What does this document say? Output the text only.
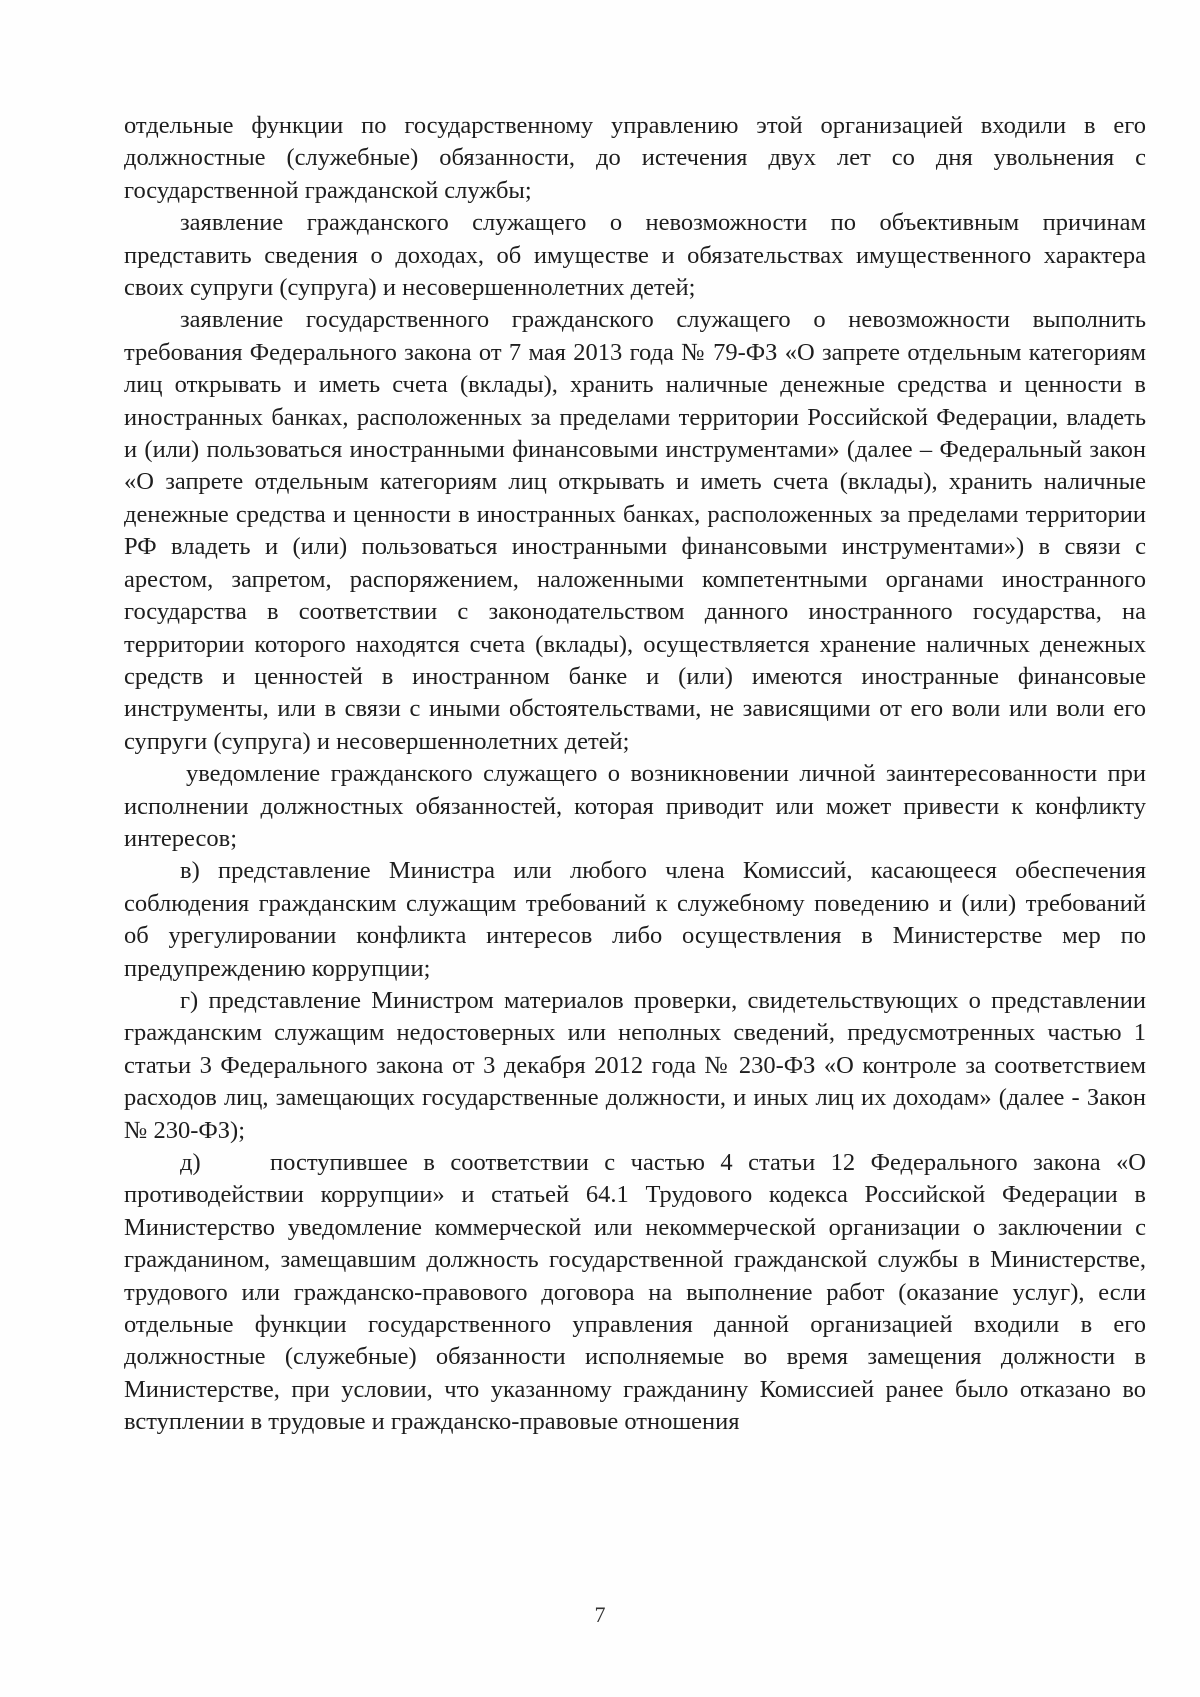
отдельные функции по государственному управлению этой организацией входили в его должностные (служебные) обязанности, до истечения двух лет со дня увольнения с государственной гражданской службы;

заявление гражданского служащего о невозможности по объективным причинам представить сведения о доходах, об имуществе и обязательствах имущественного характера своих супруги (супруга) и несовершеннолетних детей;

заявление государственного гражданского служащего о невозможности выполнить требования Федерального закона от 7 мая 2013 года № 79-ФЗ «О запрете отдельным категориям лиц открывать и иметь счета (вклады), хранить наличные денежные средства и ценности в иностранных банках, расположенных за пределами территории Российской Федерации, владеть и (или) пользоваться иностранными финансовыми инструментами» (далее – Федеральный закон «О запрете отдельным категориям лиц открывать и иметь счета (вклады), хранить наличные денежные средства и ценности в иностранных банках, расположенных за пределами территории РФ владеть и (или) пользоваться иностранными финансовыми инструментами») в связи с арестом, запретом, распоряжением, наложенными компетентными органами иностранного государства в соответствии с законодательством данного иностранного государства, на территории которого находятся счета (вклады), осуществляется хранение наличных денежных средств и ценностей в иностранном банке и (или) имеются иностранные финансовые инструменты, или в связи с иными обстоятельствами, не зависящими от его воли или воли его супруги (супруга) и несовершеннолетних детей;

уведомление гражданского служащего о возникновении личной заинтересованности при исполнении должностных обязанностей, которая приводит или может привести к конфликту интересов;

в) представление Министра или любого члена Комиссий, касающееся обеспечения соблюдения гражданским служащим требований к служебному поведению и (или) требований об урегулировании конфликта интересов либо осуществления в Министерстве мер по предупреждению коррупции;

г) представление Министром материалов проверки, свидетельствующих о представлении гражданским служащим недостоверных или неполных сведений, предусмотренных частью 1 статьи 3 Федерального закона от 3 декабря 2012 года № 230-ФЗ «О контроле за соответствием расходов лиц, замещающих государственные должности, и иных лиц их доходам» (далее - Закон № 230-ФЗ);

д)	поступившее в соответствии с частью 4 статьи 12 Федерального закона «О противодействии коррупции» и статьей 64.1 Трудового кодекса Российской Федерации в Министерство уведомление коммерческой или некоммерческой организации о заключении с гражданином, замещавшим должность государственной гражданской службы в Министерстве, трудового или гражданско-правового договора на выполнение работ (оказание услуг), если отдельные функции государственного управления данной организацией входили в его должностные (служебные) обязанности исполняемые во время замещения должности в Министерстве, при условии, что указанному гражданину Комиссией ранее было отказано во вступлении в трудовые и гражданско-правовые отношения

7
